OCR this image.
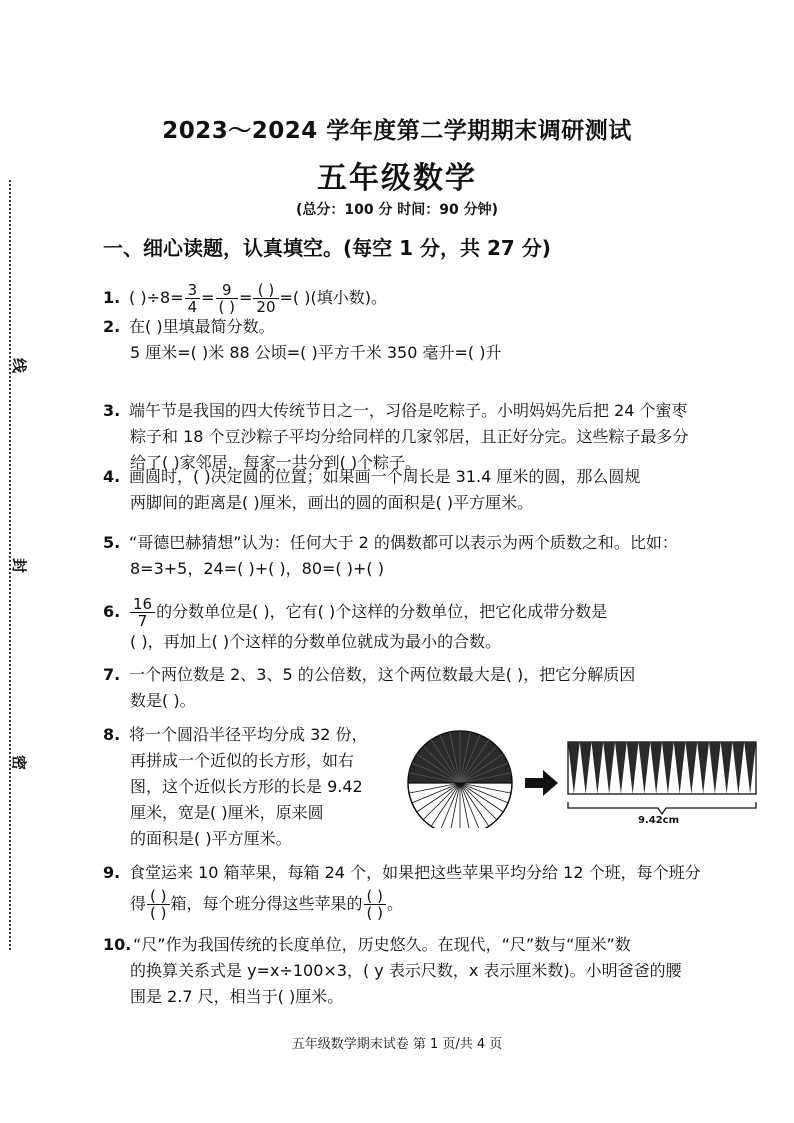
线
封
密
2023～2024 学年度第二学期期末调研测试
五年级数学
(总分：100 分 时间：90 分钟)
一、细心读题，认真填空。(每空 1 分，共 27 分)
1. ( )$\div 8= \frac{3}{4} = \frac{9}{( )} = \frac{( )}{20}$ =( )(填小数)。
2. 在( )里填最简分数。
5 厘米=( )米 88 公顷=( )平方千米 350 毫升=( )升
3. 端午节是我国的四大传统节日之一，习俗是吃粽子。小明妈妈先后把 24 个蜜枣
粽子和 18 个豆沙粽子平均分给同样的几家邻居，且正好分完。这些粽子最多分
给了( )家邻居，每家一共分到( )个粽子。
4. 画圆时，( )决定圆的位置；如果画一个周长是 31.4 厘米的圆，那么圆规
两脚间的距离是( )厘米，画出的圆的面积是( )平方厘米。
5. “哥德巴赫猜想”认为：任何大于 2 的偶数都可以表示为两个质数之和。比如：
8=3+5，24=( )+( )，80=( )+( )
6. $\frac{16}{7}$ 的分数单位是( )，它有( )个这样的分数单位，把它化成带分数是
( )，再加上( )个这样的分数单位就成为最小的合数。
7. 一个两位数是 2、3、5 的公倍数，这个两位数最大是( )，把它分解质因
数是( )。
8. 将一个圆沿半径平均分成 32 份，
再拼成一个近似的长方形，如右
图，这个近似长方形的长是 9.42
厘米，宽是( )厘米，原来圆
的面积是( )平方厘米。
9.42cm
9. 食堂运来 10 箱苹果，每箱 24 个，如果把这些苹果平均分给 12 个班，每个班分
得 $\frac{( )}{( )}$ 箱，每个班分得这些苹果的 $\frac{( )}{( )}$ 。
10. “尺”作为我国传统的长度单位，历史悠久。在现代，“尺”数与“厘米”数
的换算关系式是 y=x÷100×3，( y 表示尺数，x 表示厘米数)。小明爸爸的腰
围是 2.7 尺，相当于( )厘米。
五年级数学期末试卷 第 1 页/共 4 页
